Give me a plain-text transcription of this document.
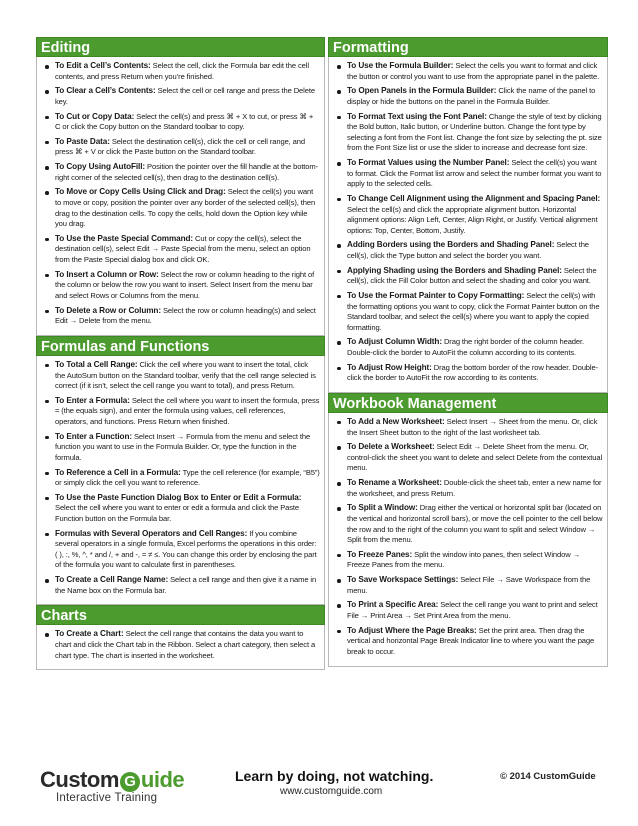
Editing
To Edit a Cell’s Contents: Select the cell, click the Formula bar edit the cell contents, and press Return when you’re finished.
To Clear a Cell’s Contents: Select the cell or cell range and press the Delete key.
To Cut or Copy Data: Select the cell(s) and press ⌘ + X to cut, or press ⌘ + C or click the Copy button on the Standard toolbar to copy.
To Paste Data: Select the destination cell(s), click the cell or cell range, and press ⌘ + V or click the Paste button on the Standard toolbar.
To Copy Using AutoFill: Position the pointer over the fill handle at the bottom-right corner of the selected cell(s), then drag to the destination cell(s).
To Move or Copy Cells Using Click and Drag: Select the cell(s) you want to move or copy, position the pointer over any border of the selected cell(s), then drag to the destination cells. To copy the cells, hold down the Option key while you drag.
To Use the Paste Special Command: Cut or copy the cell(s), select the destination cell(s), select Edit → Paste Special from the menu, select an option from the Paste Special dialog box and click OK.
To Insert a Column or Row: Select the row or column heading to the right of the column or below the row you want to insert. Select Insert from the menu bar and select Rows or Columns from the menu.
To Delete a Row or Column: Select the row or column heading(s) and select Edit → Delete from the menu.
Formulas and Functions
To Total a Cell Range: Click the cell where you want to insert the total, click the AutoSum button on the Standard toolbar, verify that the cell range selected is correct (if it isn’t, select the cell range you want to total), and press Return.
To Enter a Formula: Select the cell where you want to insert the formula, press = (the equals sign), and enter the formula using values, cell references, operators, and functions. Press Return when finished.
To Enter a Function: Select Insert → Formula from the menu and select the function you want to use in the Formula Builder. Or, type the function in the formula.
To Reference a Cell in a Formula: Type the cell reference (for example, “B5”) or simply click the cell you want to reference.
To Use the Paste Function Dialog Box to Enter or Edit a Formula: Select the cell where you want to enter or edit a formula and click the Paste Function button on the Formula bar.
Formulas with Several Operators and Cell Ranges: If you combine several operators in a single formula, Excel performs the operations in this order: ( ), :, %, ^, * and /, + and -, = ≠ ≤. You can change this order by enclosing the part of the formula you want to calculate first in parentheses.
To Create a Cell Range Name: Select a cell range and then give it a name in the Name box on the Formula bar.
Charts
To Create a Chart: Select the cell range that contains the data you want to chart and click the Chart tab in the Ribbon. Select a chart category, then select a chart type. The chart is inserted in the worksheet.
Formatting
To Use the Formula Builder: Select the cells you want to format and click the button or control you want to use from the appropriate panel in the palette.
To Open Panels in the Formula Builder: Click the name of the panel to display or hide the buttons on the panel in the Formula Builder.
To Format Text using the Font Panel: Change the style of text by clicking the Bold button, Italic button, or Underline button. Change the font type by selecting a font from the Font list. Change the font size by selecting the pt. size from the Font Size list or use the slider to increase and decrease font size.
To Format Values using the Number Panel: Select the cell(s) you want to format. Click the Format list arrow and select the number format you want to apply to the selected cells.
To Change Cell Alignment using the Alignment and Spacing Panel: Select the cell(s) and click the appropriate alignment button. Horizontal alignment options: Align Left, Center, Align Right, or Justify. Vertical alignment options: Top, Center, Bottom, Justify.
Adding Borders using the Borders and Shading Panel: Select the cell(s), click the Type button and select the border you want.
Applying Shading using the Borders and Shading Panel: Select the cell(s), click the Fill Color button and select the shading and color you want.
To Use the Format Painter to Copy Formatting: Select the cell(s) with the formatting options you want to copy, click the Format Painter button on the Standard toolbar, and select the cell(s) where you want to apply the copied formatting.
To Adjust Column Width: Drag the right border of the column header. Double-click the border to AutoFit the column according to its contents.
To Adjust Row Height: Drag the bottom border of the row header. Double-click the border to AutoFit the row according to its contents.
Workbook Management
To Add a New Worksheet: Select Insert → Sheet from the menu. Or, click the Insert Sheet button to the right of the last worksheet tab.
To Delete a Worksheet: Select Edit → Delete Sheet from the menu. Or, control-click the sheet you want to delete and select Delete from the contextual menu.
To Rename a Worksheet: Double-click the sheet tab, enter a new name for the worksheet, and press Return.
To Split a Window: Drag either the vertical or horizontal split bar (located on the vertical and horizontal scroll bars), or move the cell pointer to the cell below the row and to the right of the column you want to split and select Window → Split from the menu.
To Freeze Panes: Split the window into panes, then select Window → Freeze Panes from the menu.
To Save Workspace Settings: Select File → Save Workspace from the menu.
To Print a Specific Area: Select the cell range you want to print and select File → Print Area → Set Print Area from the menu.
To Adjust Where the Page Breaks: Set the print area. Then drag the vertical and horizontal Page Break Indicator line to where you want the page break to occur.
Custom G uide
Interactive Training
Learn by doing, not watching.
www.customguide.com
© 2014 CustomGuide
